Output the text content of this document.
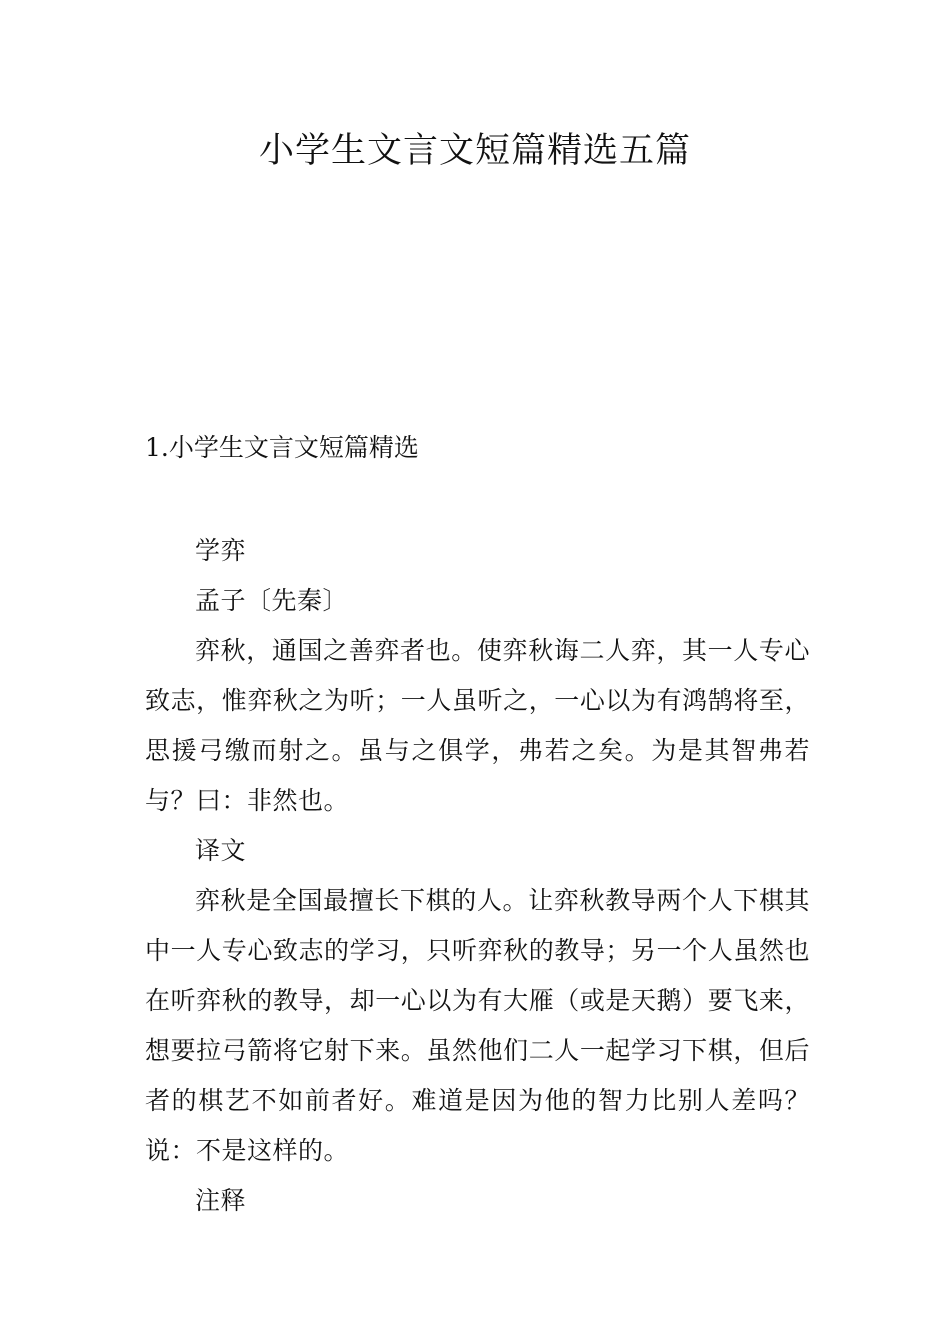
小学生文言文短篇精选五篇
1.小学生文言文短篇精选

学弈

孟子〔先秦〕

弈秋，通国之善弈者也。使弈秋诲二人弈，其一人专心致志，惟弈秋之为听；一人虽听之，一心以为有鸿鹄将至，思援弓缴而射之。虽与之俱学，弗若之矣。为是其智弗若与？曰：非然也。

译文

弈秋是全国最擅长下棋的人。让弈秋教导两个人下棋其中一人专心致志的学习，只听弈秋的教导；另一个人虽然也在听弈秋的教导，却一心以为有大雁（或是天鹅）要飞来，想要拉弓箭将它射下来。虽然他们二人一起学习下棋，但后者的棋艺不如前者好。难道是因为他的智力比别人差吗？说：不是这样的。

注释
